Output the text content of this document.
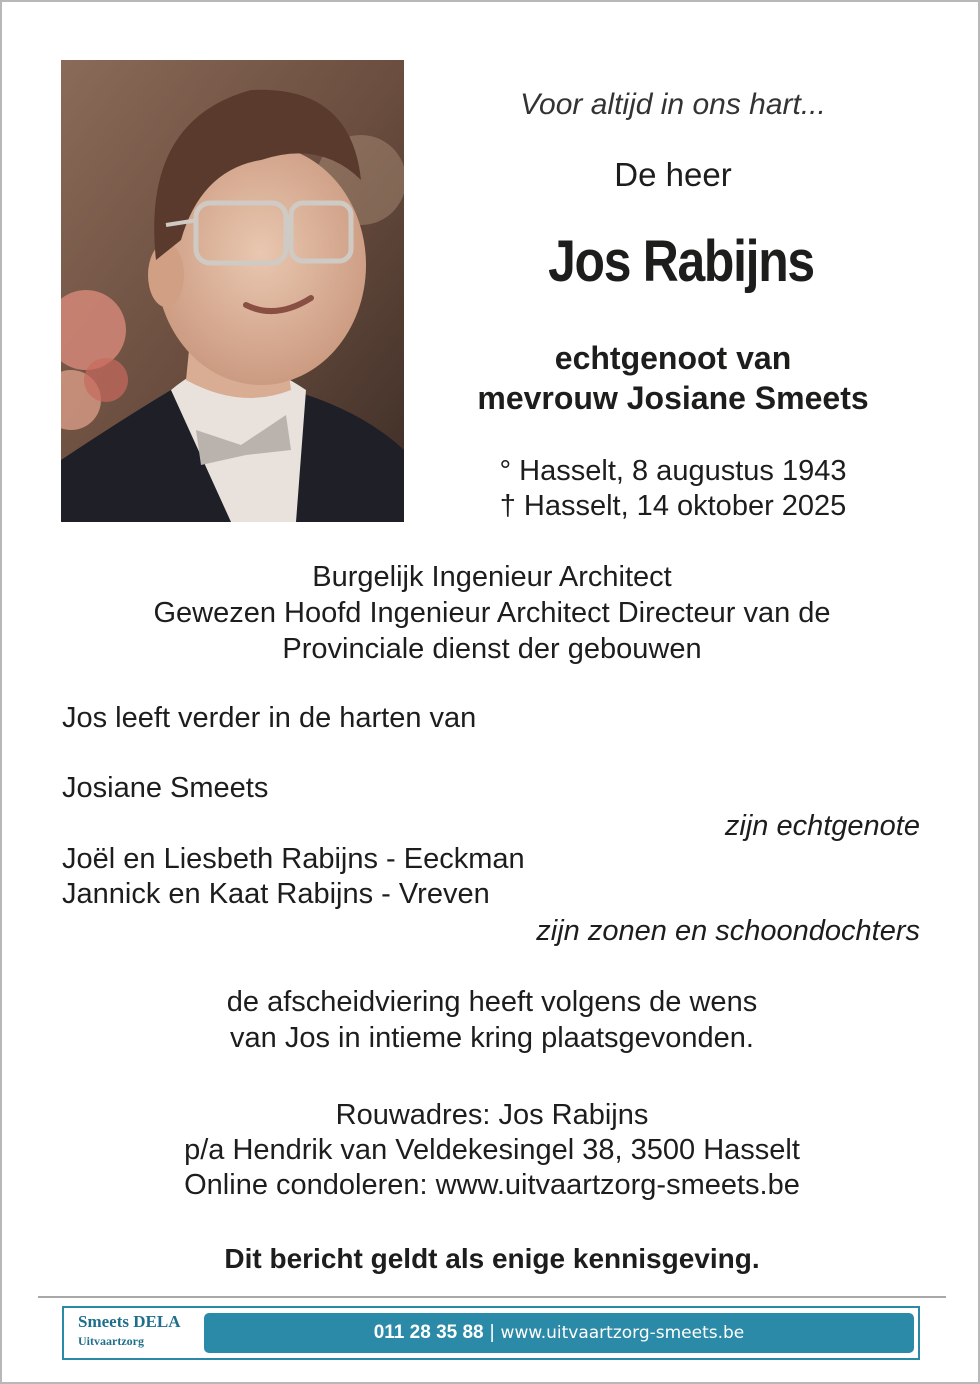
Voor altijd in ons hart...
De heer
Jos Rabijns
echtgenoot van
mevrouw Josiane Smeets
° Hasselt, 8 augustus 1943
† Hasselt, 14 oktober 2025
Burgelijk Ingenieur Architect
Gewezen Hoofd Ingenieur Architect Directeur van de
Provinciale dienst der gebouwen
Jos leeft verder in de harten van
Josiane Smeets
zijn echtgenote
Joël en Liesbeth Rabijns - Eeckman
Jannick en Kaat Rabijns - Vreven
zijn zonen en schoondochters
de afscheidviering heeft volgens de wens
van Jos in intieme kring plaatsgevonden.
Rouwadres: Jos Rabijns
p/a Hendrik van Veldekesingel 38, 3500 Hasselt
Online condoleren: www.uitvaartzorg-smeets.be
Dit bericht geldt als enige kennisgeving.
Smeets DELA
Uitvaartzorg	011 28 35 88 | www.uitvaartzorg-smeets.be
